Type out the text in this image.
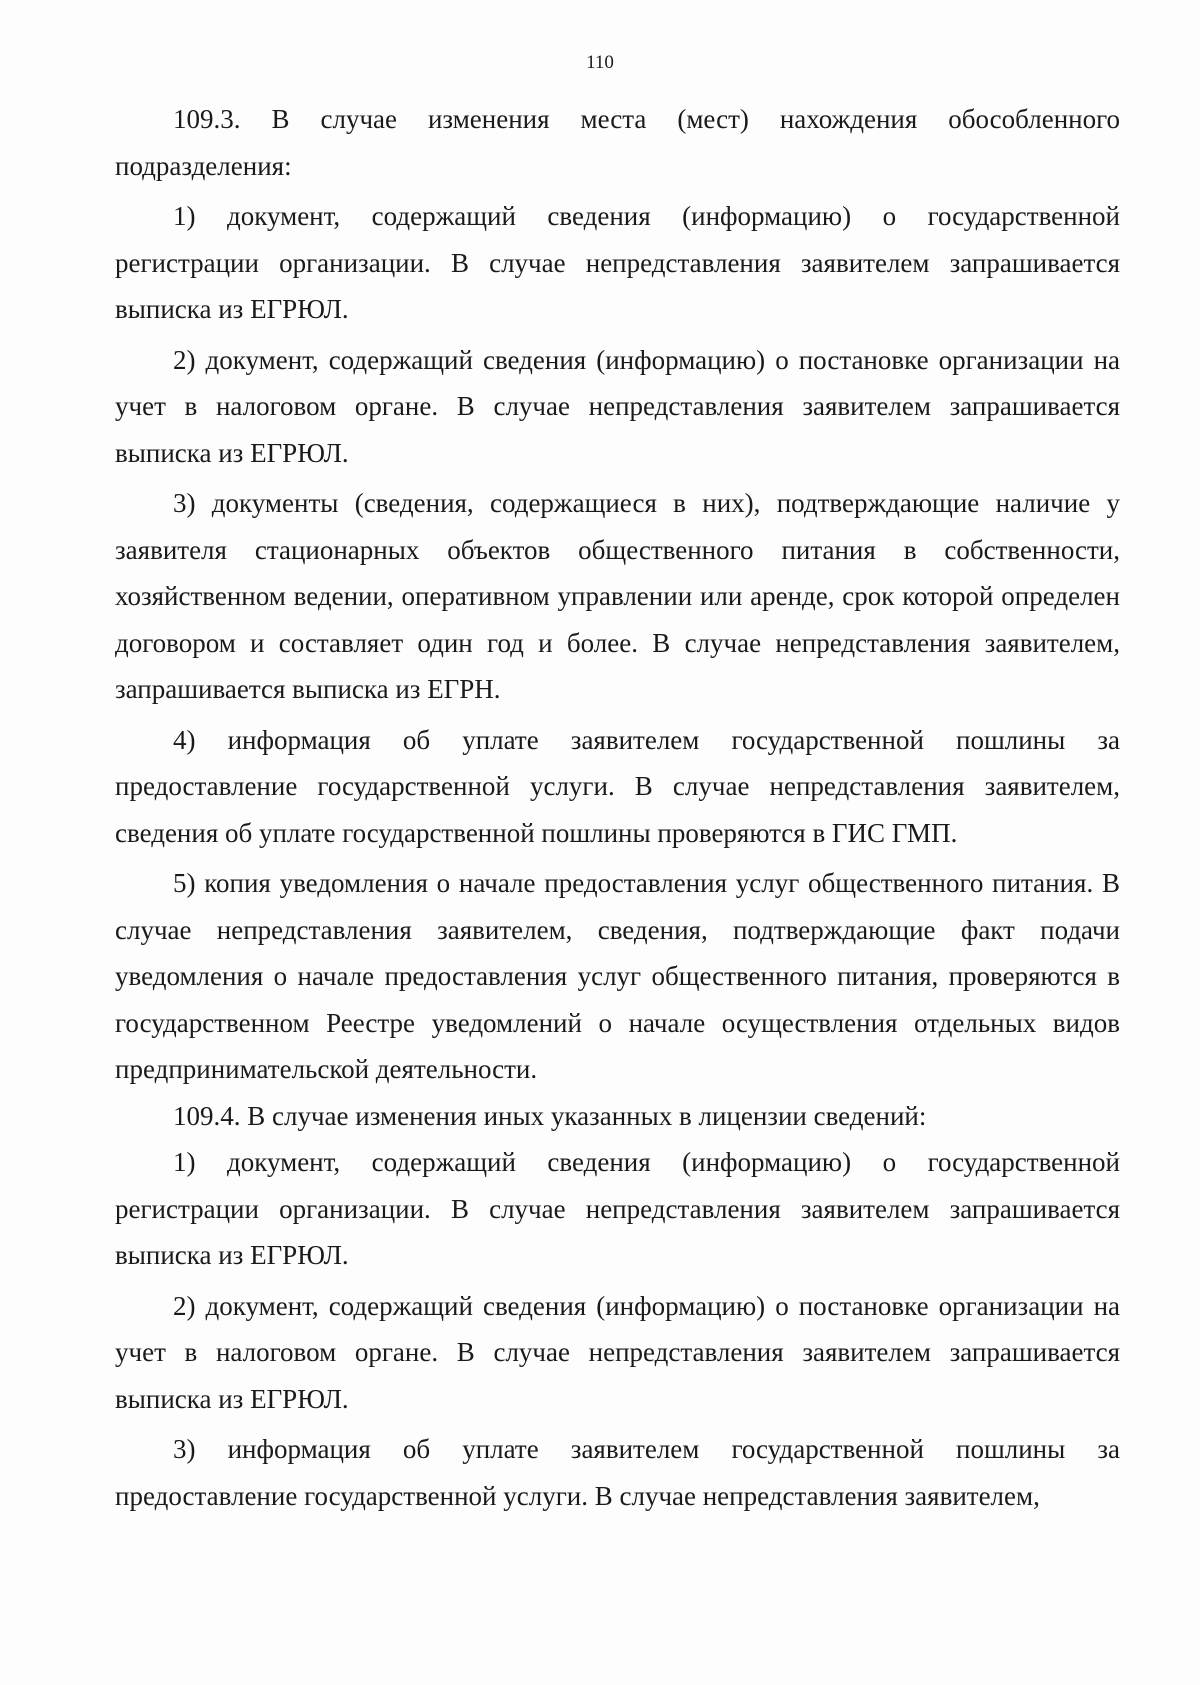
110

109.3. В случае изменения места (мест) нахождения обособленного подразделения:

1) документ, содержащий сведения (информацию) о государственной регистрации организации. В случае непредставления заявителем запрашивается выписка из ЕГРЮЛ.

2) документ, содержащий сведения (информацию) о постановке организации на учет в налоговом органе. В случае непредставления заявителем запрашивается выписка из ЕГРЮЛ.

3) документы (сведения, содержащиеся в них), подтверждающие наличие у заявителя стационарных объектов общественного питания в собственности, хозяйственном ведении, оперативном управлении или аренде, срок которой определен договором и составляет один год и более. В случае непредставления заявителем, запрашивается выписка из ЕГРН.

4) информация об уплате заявителем государственной пошлины за предоставление государственной услуги. В случае непредставления заявителем, сведения об уплате государственной пошлины проверяются в ГИС ГМП.

5) копия уведомления о начале предоставления услуг общественного питания. В случае непредставления заявителем, сведения, подтверждающие факт подачи уведомления о начале предоставления услуг общественного питания, проверяются в государственном Реестре уведомлений о начале осуществления отдельных видов предпринимательской деятельности.

109.4. В случае изменения иных указанных в лицензии сведений:

1) документ, содержащий сведения (информацию) о государственной регистрации организации. В случае непредставления заявителем запрашивается выписка из ЕГРЮЛ.

2) документ, содержащий сведения (информацию) о постановке организации на учет в налоговом органе. В случае непредставления заявителем запрашивается выписка из ЕГРЮЛ.

3) информация об уплате заявителем государственной пошлины за предоставление государственной услуги. В случае непредставления заявителем,
